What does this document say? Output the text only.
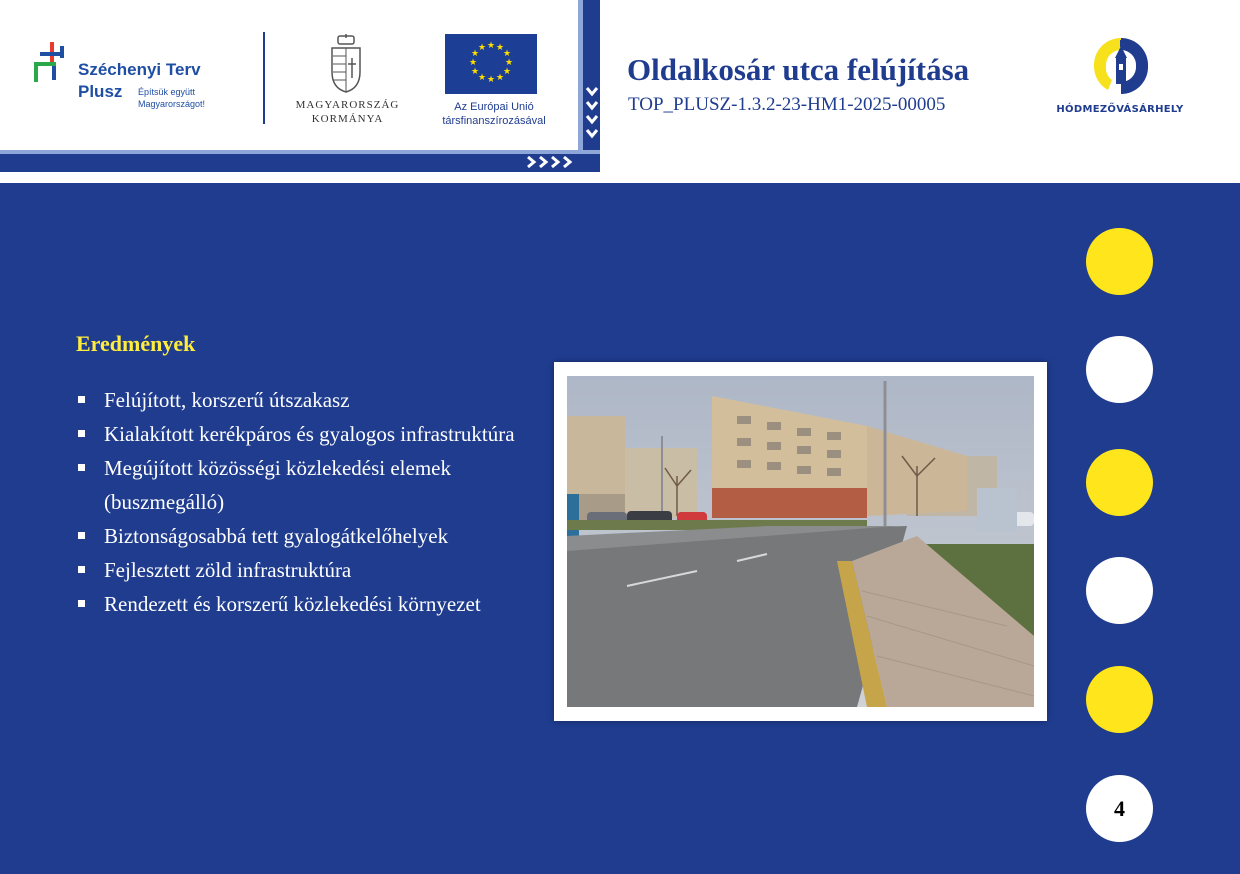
Széchenyi Terv
Plusz Építsük együtt Magyarországot!	MAGYARORSZÁG KORMÁNYA
★ ★
★
★
★
★
★
★
★
★
★
★
Az Európai Unió társfinanszírozásával
Oldalkosár utca felújítása
TOP_PLUSZ-1.3.2-23-HM1-2025-00005	HÓDMEZŐVÁSÁRHELY
Eredmények
Felújított, korszerű útszakasz
Kialakított kerékpáros és gyalogos infrastruktúra
Megújított közösségi közlekedési elemek (buszmegálló)
Biztonságosabbá tett gyalogátkelőhelyek
Fejlesztett zöld infrastruktúra
Rendezett és korszerű közlekedési környezet
4
